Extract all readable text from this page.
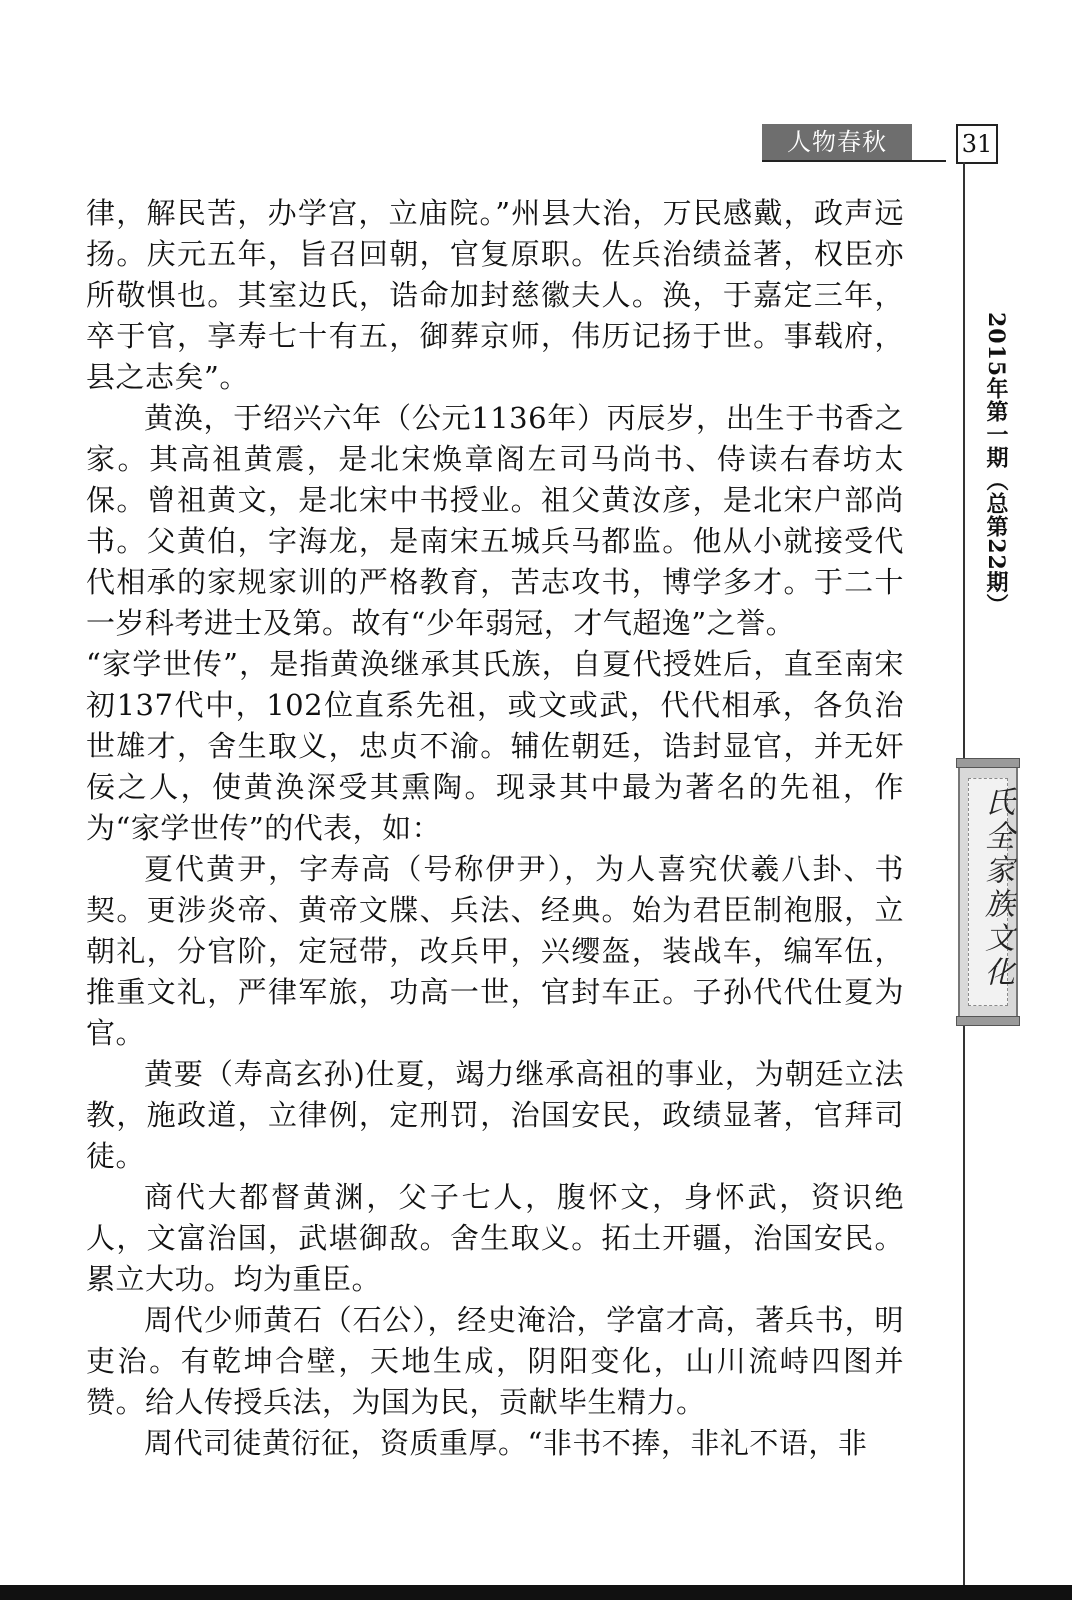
人物春秋	31
2015年第一期（总第22期）
氏全家族文化

律，解民苦，办学宫，立庙院。”州县大治，万民感戴，政声远扬。庆元五年，旨召回朝，官复原职。佐兵治绩益著，权臣亦所敬惧也。其室边氏，诰命加封慈徽夫人。涣，于嘉定三年，卒于官，享寿七十有五，御葬京师，伟历记扬于世。事载府，县之志矣”。

黄涣，于绍兴六年（公元1136年）丙辰岁，出生于书香之家。其高祖黄震，是北宋焕章阁左司马尚书、侍读右春坊太保。曾祖黄文，是北宋中书授业。祖父黄汝彦，是北宋户部尚书。父黄伯，字海龙，是南宋五城兵马都监。他从小就接受代代相承的家规家训的严格教育，苦志攻书，博学多才。于二十一岁科考进士及第。故有“少年弱冠，才气超逸”之誉。

“家学世传”，是指黄涣继承其氏族，自夏代授姓后，直至南宋初137代中，102位直系先祖，或文或武，代代相承，各负治世雄才，舍生取义，忠贞不渝。辅佐朝廷，诰封显官，并无奸佞之人，使黄涣深受其熏陶。现录其中最为著名的先祖，作为“家学世传”的代表，如：

夏代黄尹，字寿高（号称伊尹），为人喜究伏羲八卦、书契。更涉炎帝、黄帝文牒、兵法、经典。始为君臣制袍服，立朝礼，分官阶，定冠带，改兵甲，兴缨盔，装战车，编军伍，推重文礼，严律军旅，功高一世，官封车正。子孙代代仕夏为官。

黄要（寿高玄孙)仕夏，竭力继承高祖的事业，为朝廷立法教，施政道，立律例，定刑罚，治国安民，政绩显著，官拜司徒。

商代大都督黄渊，父子七人，腹怀文，身怀武，资识绝人，文富治国，武堪御敌。舍生取义。拓土开疆，治国安民。累立大功。均为重臣。

周代少师黄石（石公），经史淹洽，学富才高，著兵书，明吏治。有乾坤合壁，天地生成，阴阳变化，山川流峙四图并赞。给人传授兵法，为国为民，贡献毕生精力。

周代司徒黄衍征，资质重厚。“非书不捧，非礼不语，非
